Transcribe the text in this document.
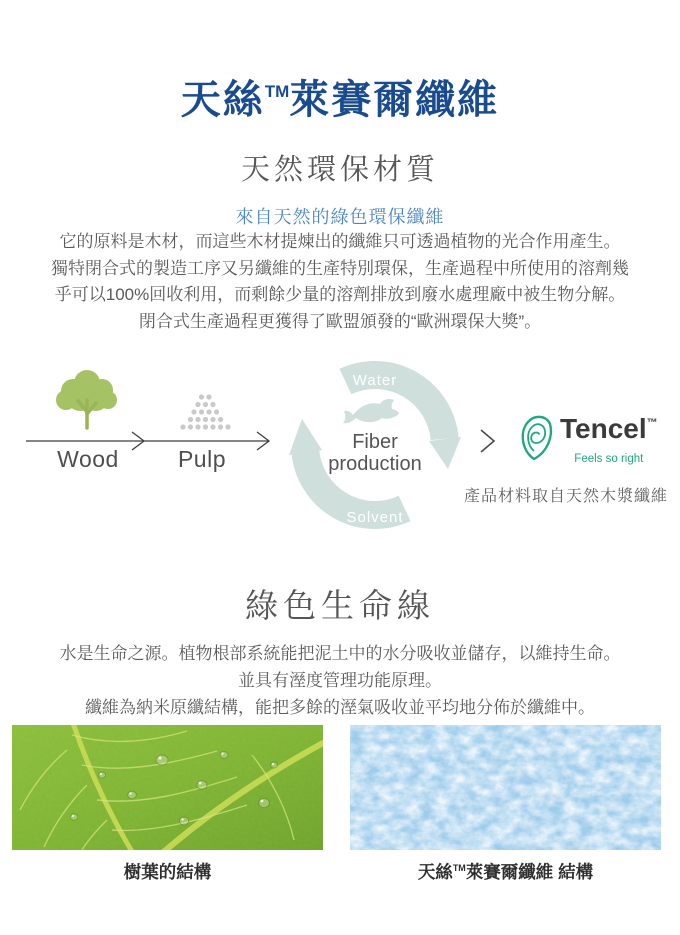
天絲™萊賽爾纖維
天然環保材質
來自天然的綠色環保纖維
它的原料是木材，而這些木材提煉出的纖維只可透過植物的光合作用產生。
獨特閉合式的製造工序又另纖維的生產特別環保，生產過程中所使用的溶劑幾
乎可以100%回收利用，而剩餘少量的溶劑排放到廢水處理廠中被生物分解。
閉合式生產過程更獲得了歐盟頒發的“歐洲環保大獎”。
Wood	Pulp
Water
Fiber
production
Solvent
Tencel™
Feels so right
產品材料取自天然木漿纖維
綠色生命線
水是生命之源。植物根部系統能把泥土中的水分吸收並儲存，以維持生命。
並具有溼度管理功能原理。
纖維為納米原纖結構，能把多餘的溼氣吸收並平均地分佈於纖維中。
樹葉的結構	天絲™萊賽爾纖維 結構
